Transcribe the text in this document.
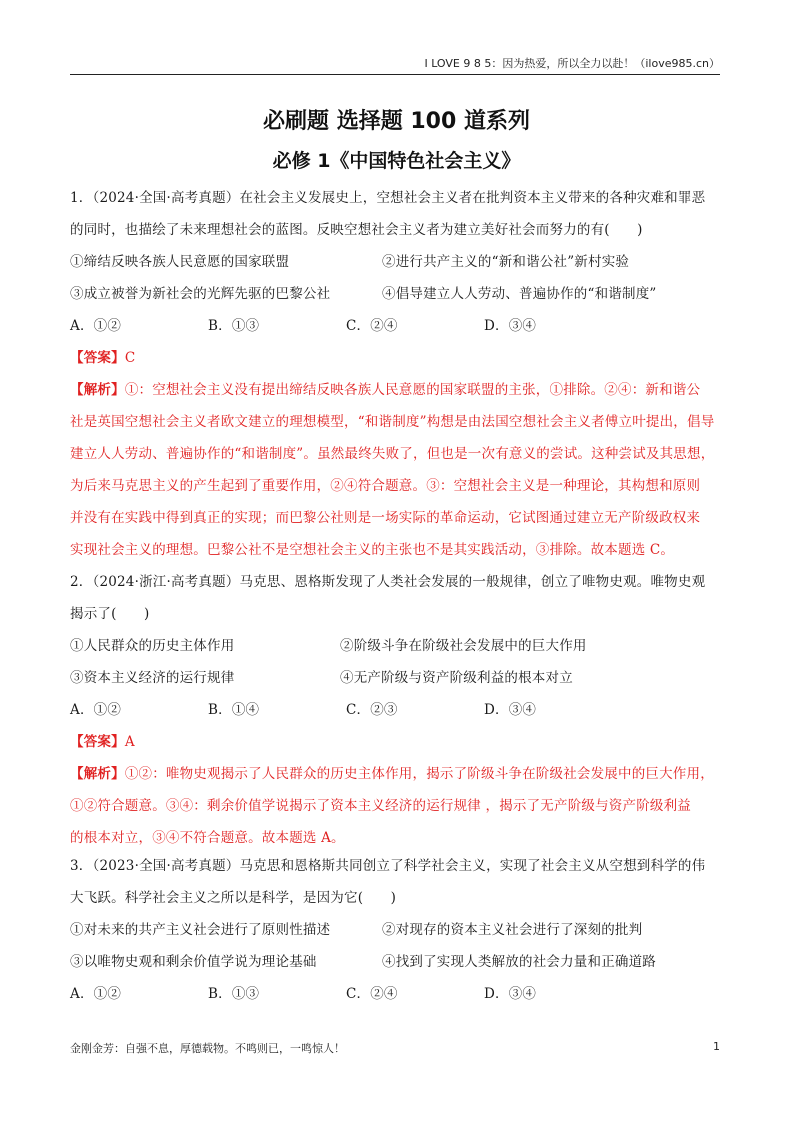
I LOVE 9 8 5：因为热爱，所以全力以赴！（ilove985.cn）
必刷题 选择题 100 道系列
必修 1《中国特色社会主义》
1．（2024·全国·高考真题）在社会主义发展史上，空想社会主义者在批判资本主义带来的各种灾难和罪恶
的同时，也描绘了未来理想社会的蓝图。反映空想社会主义者为建立美好社会而努力的有(　　)
①缔结反映各族人民意愿的国家联盟	②进行共产主义的“新和谐公社”新村实验
③成立被誉为新社会的光辉先驱的巴黎公社	④倡导建立人人劳动、普遍协作的“和谐制度”
A．①②	B．①③	C．②④	D．③④
【答案】C
【解析】①：空想社会主义没有提出缔结反映各族人民意愿的国家联盟的主张，①排除。②④：新和谐公
社是英国空想社会主义者欧文建立的理想模型，“和谐制度”构想是由法国空想社会主义者傅立叶提出，倡导
建立人人劳动、普遍协作的“和谐制度”。虽然最终失败了，但也是一次有意义的尝试。这种尝试及其思想，
为后来马克思主义的产生起到了重要作用，②④符合题意。③：空想社会主义是一种理论，其构想和原则
并没有在实践中得到真正的实现；而巴黎公社则是一场实际的革命运动，它试图通过建立无产阶级政权来
实现社会主义的理想。巴黎公社不是空想社会主义的主张也不是其实践活动，③排除。故本题选 C。
2．（2024·浙江·高考真题）马克思、恩格斯发现了人类社会发展的一般规律，创立了唯物史观。唯物史观
揭示了(　　)
①人民群众的历史主体作用	②阶级斗争在阶级社会发展中的巨大作用
③资本主义经济的运行规律	④无产阶级与资产阶级利益的根本对立
A．①②	B．①④	C．②③	D．③④
【答案】A
【解析】①②：唯物史观揭示了人民群众的历史主体作用，揭示了阶级斗争在阶级社会发展中的巨大作用，
①②符合题意。③④：剩余价值学说揭示了资本主义经济的运行规律 ，揭示了无产阶级与资产阶级利益
的根本对立，③④不符合题意。故本题选 A。
3．（2023·全国·高考真题）马克思和恩格斯共同创立了科学社会主义，实现了社会主义从空想到科学的伟
大飞跃。科学社会主义之所以是科学，是因为它(　　)
①对未来的共产主义社会进行了原则性描述	②对现存的资本主义社会进行了深刻的批判
③以唯物史观和剩余价值学说为理论基础	④找到了实现人类解放的社会力量和正确道路
A．①②	B．①③	C．②④	D．③④
金刚金芳：自强不息，厚德载物。不鸣则已，一鸣惊人！	1
